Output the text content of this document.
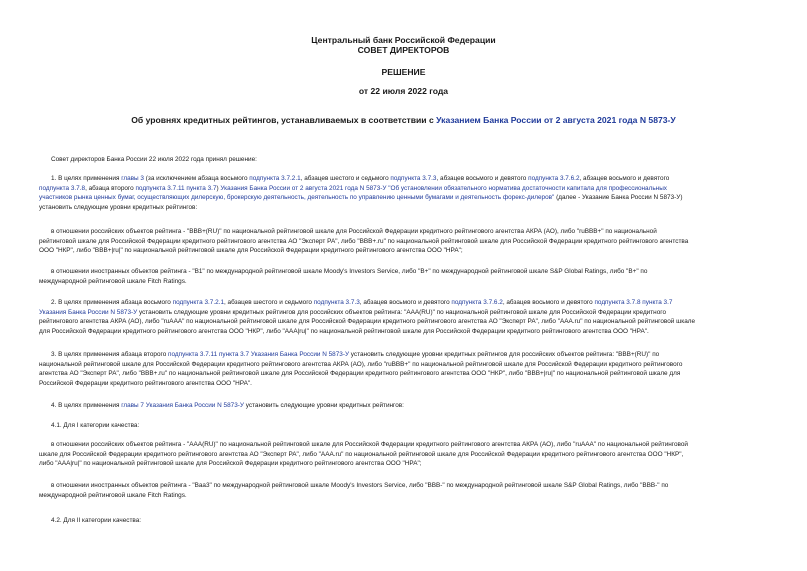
Центральный банк Российской Федерации
СОВЕТ ДИРЕКТОРОВ
РЕШЕНИЕ
от 22 июля 2022 года
Об уровнях кредитных рейтингов, устанавливаемых в соответствии с Указанием Банка России от 2 августа 2021 года N 5873-У
Совет директоров Банка России 22 июля 2022 года принял решение:
1. В целях применения главы 3 (за исключением абзаца восьмого подпункта 3.7.2.1, абзацев шестого и седьмого подпункта 3.7.3, абзацев восьмого и девятого подпункта 3.7.6.2, абзацев восьмого и девятого
подпункта 3.7.8, абзаца второго подпункта 3.7.11 пункта 3.7) Указания Банка России от 2 августа 2021 года N 5873-У "Об установлении обязательного норматива достаточности капитала для профессиональных
участников рынка ценных бумаг, осуществляющих дилерскую, брокерскую деятельность, деятельность по управлению ценными бумагами и деятельность форекс-дилеров" (далее - Указание Банка России N 5873-У)
установить следующие уровни кредитных рейтингов:
в отношении российских объектов рейтинга - "BBB+(RU)" по национальной рейтинговой шкале для Российской Федерации кредитного рейтингового агентства АКРА (АО), либо "ruBBB+" по национальной
рейтинговой шкале для Российской Федерации кредитного рейтингового агентства АО "Эксперт РА", либо "BBB+.ru" по национальной рейтинговой шкале для Российской Федерации кредитного рейтингового агентства
ООО "НКР", либо "BBB+|ru|" по национальной рейтинговой шкале для Российской Федерации кредитного рейтингового агентства ООО "НРА";
в отношении иностранных объектов рейтинга - "B1" по международной рейтинговой шкале Moody's Investors Service, либо "B+" по международной рейтинговой шкале S&P Global Ratings, либо "B+" по
международной рейтинговой шкале Fitch Ratings.
2. В целях применения абзаца восьмого подпункта 3.7.2.1, абзацев шестого и седьмого подпункта 3.7.3, абзацев восьмого и девятого подпункта 3.7.6.2, абзацев восьмого и девятого подпункта 3.7.8 пункта 3.7
Указания Банка России N 5873-У установить следующие уровни кредитных рейтингов для российских объектов рейтинга: "AAA(RU)" по национальной рейтинговой шкале для Российской Федерации кредитного
рейтингового агентства АКРА (АО), либо "ruAAA" по национальной рейтинговой шкале для Российской Федерации кредитного рейтингового агентства АО "Эксперт РА", либо "AAA.ru" по национальной рейтинговой шкале
для Российской Федерации кредитного рейтингового агентства ООО "НКР", либо "AAA|ru|" по национальной рейтинговой шкале для Российской Федерации кредитного рейтингового агентства ООО "НРА".
3. В целях применения абзаца второго подпункта 3.7.11 пункта 3.7 Указания Банка России N 5873-У установить следующие уровни кредитных рейтингов для российских объектов рейтинга: "BBB+(RU)" по
национальной рейтинговой шкале для Российской Федерации кредитного рейтингового агентства АКРА (АО), либо "ruBBB+" по национальной рейтинговой шкале для Российской Федерации кредитного рейтингового
агентства АО "Эксперт РА", либо "BBB+.ru" по национальной рейтинговой шкале для Российской Федерации кредитного рейтингового агентства ООО "НКР", либо "BBB+|ru|" по национальной рейтинговой шкале для
Российской Федерации кредитного рейтингового агентства ООО "НРА".
4. В целях применения главы 7 Указания Банка России N 5873-У установить следующие уровни кредитных рейтингов:
4.1. Для I категории качества:
в отношении российских объектов рейтинга - "AAA(RU)" по национальной рейтинговой шкале для Российской Федерации кредитного рейтингового агентства АКРА (АО), либо "ruAAA" по национальной рейтинговой
шкале для Российской Федерации кредитного рейтингового агентства АО "Эксперт РА", либо "AAA.ru" по национальной рейтинговой шкале для Российской Федерации кредитного рейтингового агентства ООО "НКР",
либо "AAA|ru|" по национальной рейтинговой шкале для Российской Федерации кредитного рейтингового агентства ООО "НРА";
в отношении иностранных объектов рейтинга - "Baa3" по международной рейтинговой шкале Moody's Investors Service, либо "BBB-" по международной рейтинговой шкале S&P Global Ratings, либо "BBB-" по
международной рейтинговой шкале Fitch Ratings.
4.2. Для II категории качества:
